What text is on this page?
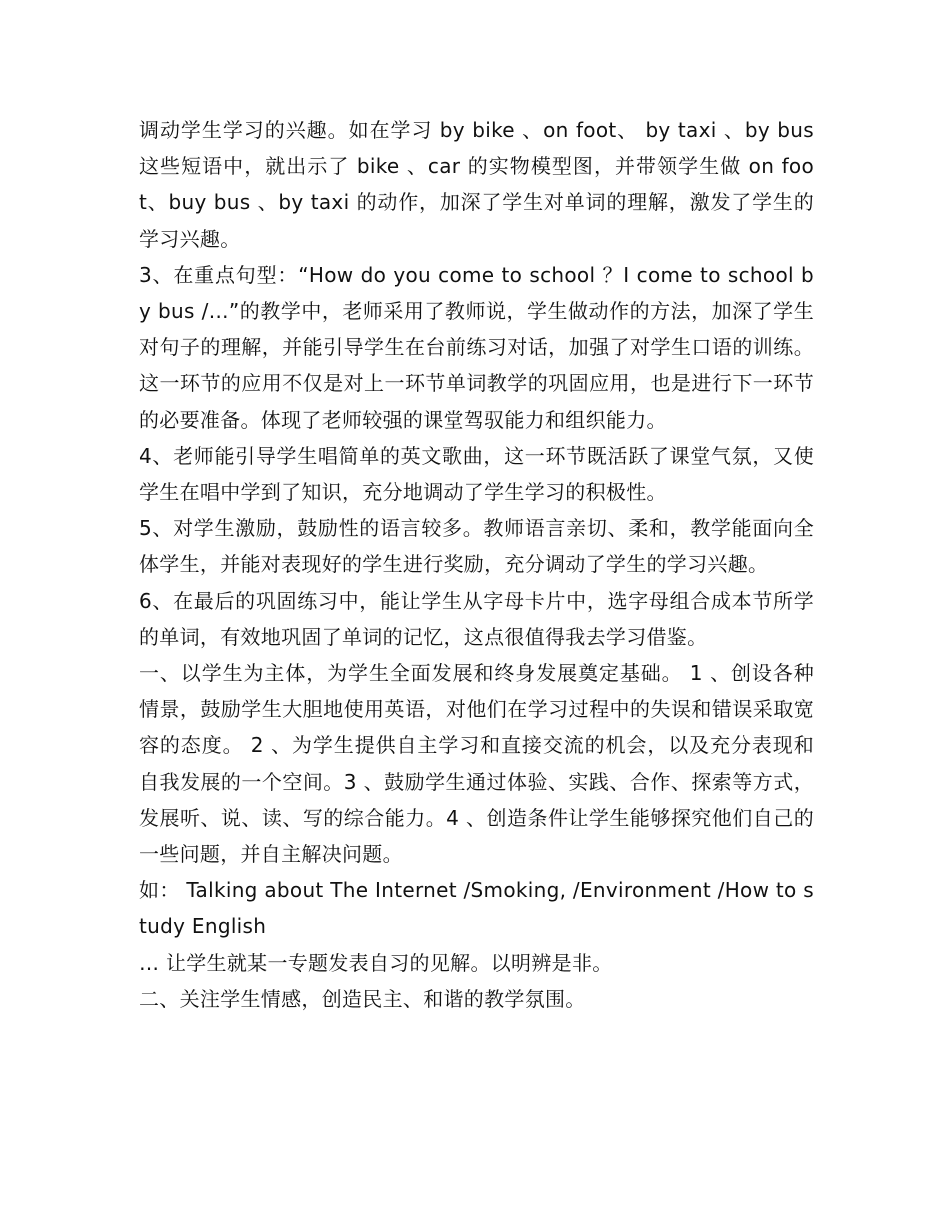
调动学生学习的兴趣。如在学习 by bike 、on foot、 by taxi 、by bus 这些短语中，就出示了 bike 、car 的实物模型图，并带领学生做 on foot、buy bus 、by taxi 的动作，加深了学生对单词的理解，激发了学生的学习兴趣。

3、在重点句型：“How do you come to school ？I come to school by bus /…”的教学中，老师采用了教师说，学生做动作的方法，加深了学生对句子的理解，并能引导学生在台前练习对话，加强了对学生口语的训练。这一环节的应用不仅是对上一环节单词教学的巩固应用，也是进行下一环节的必要准备。体现了老师较强的课堂驾驭能力和组织能力。

4、老师能引导学生唱简单的英文歌曲，这一环节既活跃了课堂气氛，又使学生在唱中学到了知识，充分地调动了学生学习的积极性。

5、对学生激励，鼓励性的语言较多。教师语言亲切、柔和，教学能面向全体学生，并能对表现好的学生进行奖励，充分调动了学生的学习兴趣。

6、在最后的巩固练习中，能让学生从字母卡片中，选字母组合成本节所学的单词，有效地巩固了单词的记忆，这点很值得我去学习借鉴。

一、以学生为主体，为学生全面发展和终身发展奠定基础。 1 、创设各种情景，鼓励学生大胆地使用英语，对他们在学习过程中的失误和错误采取宽容的态度。 2 、为学生提供自主学习和直接交流的机会，以及充分表现和自我发展的一个空间。3 、鼓励学生通过体验、实践、合作、探索等方式，发展听、说、读、写的综合能力。4 、创造条件让学生能够探究他们自己的一些问题，并自主解决问题。

如： Talking about The Internet /Smoking, /Environment /How to study English

… 让学生就某一专题发表自习的见解。以明辨是非。

二、关注学生情感，创造民主、和谐的教学氛围。
